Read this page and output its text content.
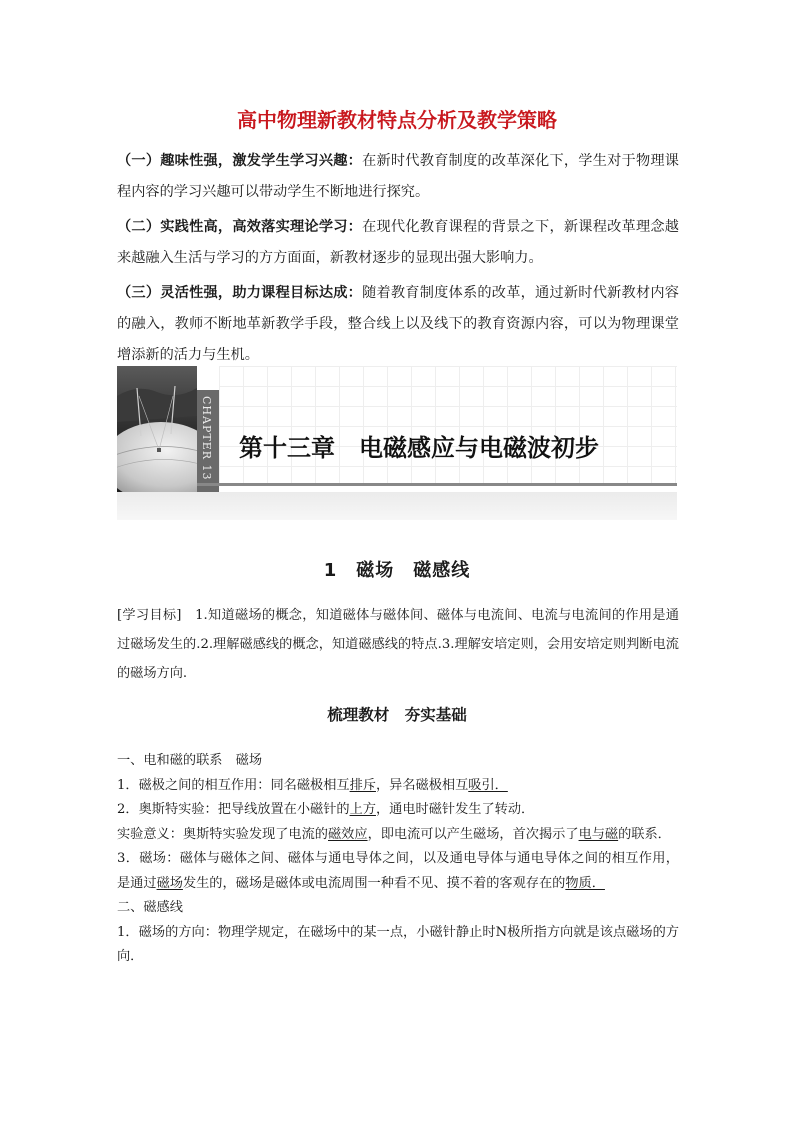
高中物理新教材特点分析及教学策略

（一）趣味性强，激发学生学习兴趣：在新时代教育制度的改革深化下，学生对于物理课程内容的学习兴趣可以带动学生不断地进行探究。

（二）实践性高，高效落实理论学习：在现代化教育课程的背景之下，新课程改革理念越来越融入生活与学习的方方面面，新教材逐步的显现出强大影响力。

（三）灵活性强，助力课程目标达成：随着教育制度体系的改革，通过新时代新教材内容的融入，教师不断地革新教学手段，整合线上以及线下的教育资源内容，可以为物理课堂增添新的活力与生机。

CHAPTER 13 第十三章　电磁感应与电磁波初步
1　磁场　磁感线

[学习目标]　1.知道磁场的概念，知道磁体与磁体间、磁体与电流间、电流与电流间的作用是通过磁场发生的.2.理解磁感线的概念，知道磁感线的特点.3.理解安培定则，会用安培定则判断电流的磁场方向.

梳理教材　夯实基础

一、电和磁的联系　磁场

1．磁极之间的相互作用：同名磁极相互排斥，异名磁极相互吸引．

2．奥斯特实验：把导线放置在小磁针的上方，通电时磁针发生了转动．

实验意义：奥斯特实验发现了电流的磁效应，即电流可以产生磁场，首次揭示了电与磁的联系．

3．磁场：磁体与磁体之间、磁体与通电导体之间，以及通电导体与通电导体之间的相互作用，是通过磁场发生的，磁场是磁体或电流周围一种看不见、摸不着的客观存在的物质．

二、磁感线

1．磁场的方向：物理学规定，在磁场中的某一点，小磁针静止时N极所指方向就是该点磁场的方向．
